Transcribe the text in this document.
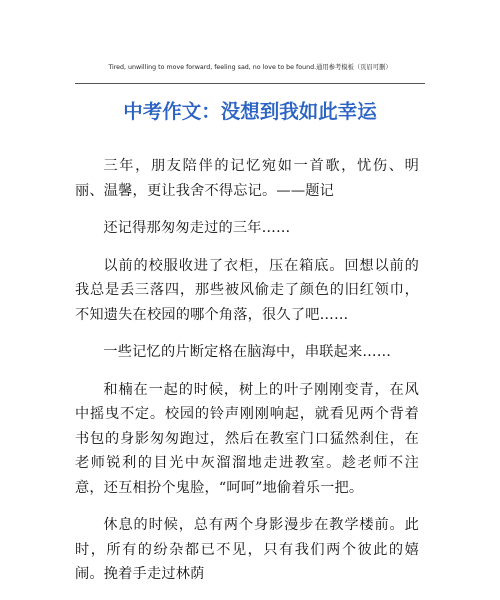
Tired, unwilling to move forward, feeling sad, no love to be found.通用参考模板（页眉可删）
中考作文：没想到我如此幸运

三年，朋友陪伴的记忆宛如一首歌，忧伤、明丽、温馨，更让我舍不得忘记。——题记

还记得那匆匆走过的三年……

以前的校服收进了衣柜，压在箱底。回想以前的我总是丢三落四，那些被风偷走了颜色的旧红领巾，不知遗失在校园的哪个角落，很久了吧……

一些记忆的片断定格在脑海中，串联起来……

和楠在一起的时候，树上的叶子刚刚变青，在风中摇曳不定。校园的铃声刚刚响起，就看见两个背着书包的身影匆匆跑过，然后在教室门口猛然刹住，在老师锐利的目光中灰溜溜地走进教室。趁老师不注意，还互相扮个鬼脸，“呵呵”地偷着乐一把。

休息的时候，总有两个身影漫步在教学楼前。此时，所有的纷杂都已不见，只有我们两个彼此的嬉闹。挽着手走过林荫
